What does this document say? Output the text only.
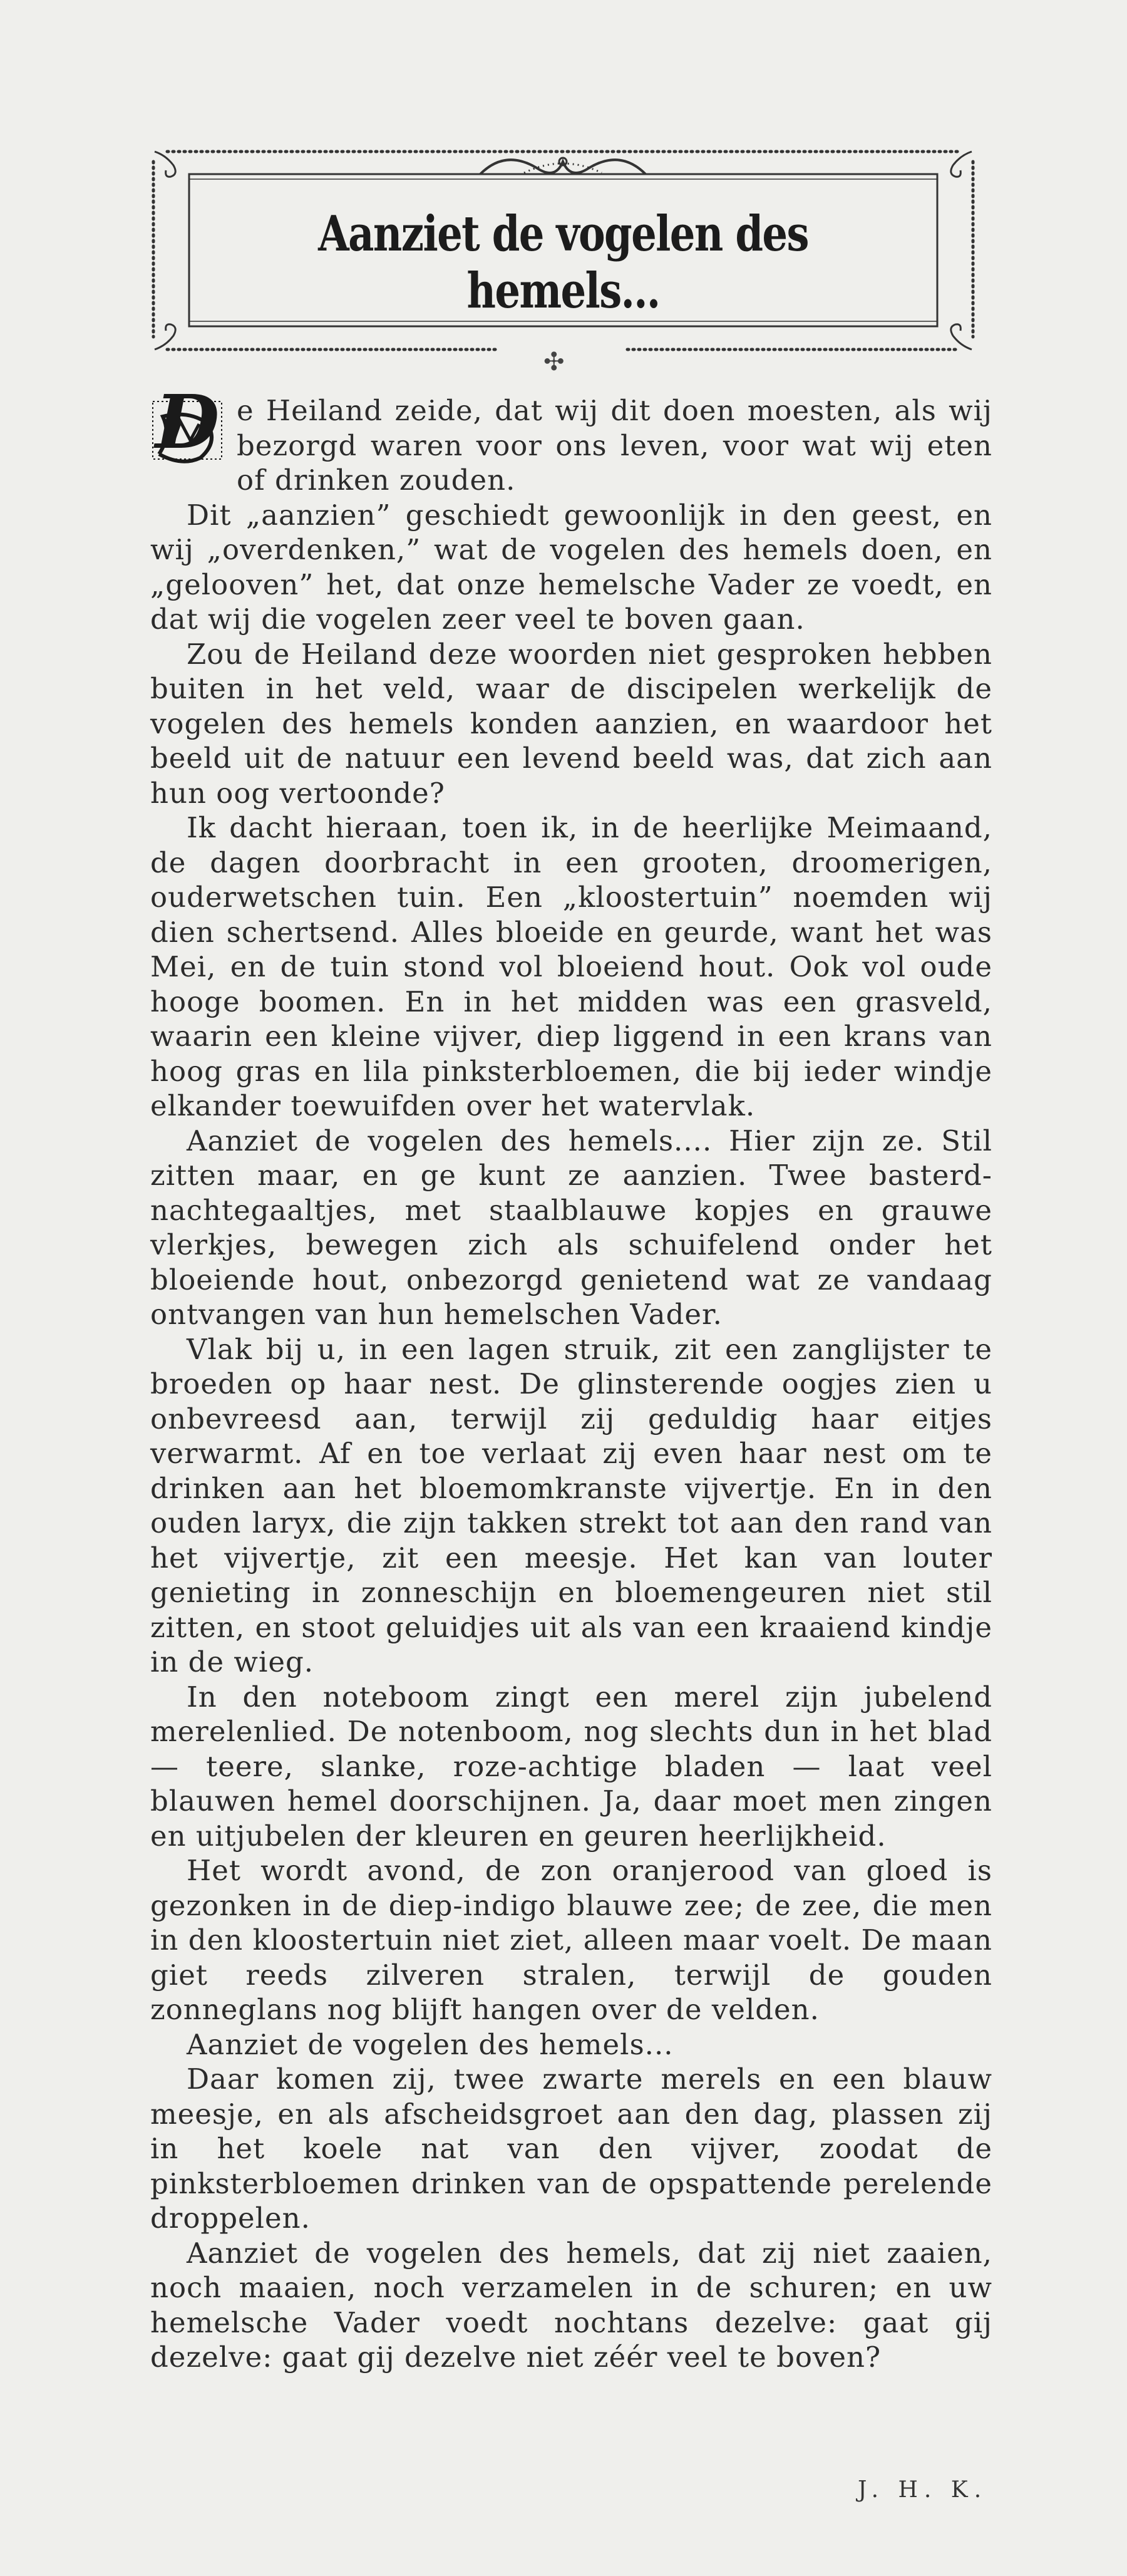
Aanziet de vogelen des hemels...
✣

D e Heiland zeide, dat wij dit doen moesten, als wij bezorgd waren voor ons leven, voor wat wij eten of drinken zouden.

Dit „aanzien” geschiedt gewoonlijk in den geest, en wij „overdenken,” wat de vogelen des hemels doen, en „gelooven” het, dat onze hemelsche Vader ze voedt, en dat wij die vogelen zeer veel te boven gaan.

Zou de Heiland deze woorden niet gesproken hebben buiten in het veld, waar de discipelen werkelijk de vogelen des hemels konden aanzien, en waardoor het beeld uit de natuur een levend beeld was, dat zich aan hun oog vertoonde?

Ik dacht hieraan, toen ik, in de heerlijke Meimaand, de dagen doorbracht in een grooten, droomerigen, ouderwetschen tuin. Een „kloostertuin” noemden wij dien schertsend. Alles bloeide en geurde, want het was Mei, en de tuin stond vol bloeiend hout. Ook vol oude hooge boomen. En in het midden was een grasveld, waarin een kleine vijver, diep liggend in een krans van hoog gras en lila pinksterbloemen, die bij ieder windje elkander toewuifden over het watervlak.

Aanziet de vogelen des hemels.... Hier zijn ze. Stil zitten maar, en ge kunt ze aanzien. Twee basterd-nachtegaaltjes, met staalblauwe kopjes en grauwe vlerkjes, bewegen zich als schuifelend onder het bloeiende hout, onbezorgd genietend wat ze vandaag ontvangen van hun hemelschen Vader.

Vlak bij u, in een lagen struik, zit een zanglijster te broeden op haar nest. De glinsterende oogjes zien u onbevreesd aan, terwijl zij geduldig haar eitjes verwarmt. Af en toe verlaat zij even haar nest om te drinken aan het bloemomkranste vijvertje. En in den ouden laryx, die zijn takken strekt tot aan den rand van het vijvertje, zit een meesje. Het kan van louter genieting in zonneschijn en bloemengeuren niet stil zitten, en stoot geluidjes uit als van een kraaiend kindje in de wieg.

In den noteboom zingt een merel zijn jubelend merelenlied. De notenboom, nog slechts dun in het blad — teere, slanke, roze-achtige bladen — laat veel blauwen hemel doorschijnen. Ja, daar moet men zingen en uitjubelen der kleuren en geuren heerlijkheid.

Het wordt avond, de zon oranjerood van gloed is gezonken in de diep-indigo blauwe zee; de zee, die men in den kloostertuin niet ziet, alleen maar voelt. De maan giet reeds zilveren stralen, terwijl de gouden zonneglans nog blijft hangen over de velden.

Aanziet de vogelen des hemels...

Daar komen zij, twee zwarte merels en een blauw meesje, en als afscheidsgroet aan den dag, plassen zij in het koele nat van den vijver, zoodat de pinksterbloemen drinken van de opspattende perelende droppelen.

Aanziet de vogelen des hemels, dat zij niet zaaien, noch maaien, noch verzamelen in de schuren; en uw hemelsche Vader voedt nochtans dezelve: gaat gij dezelve: gaat gij dezelve niet zéér veel te boven?

J. H. K.
